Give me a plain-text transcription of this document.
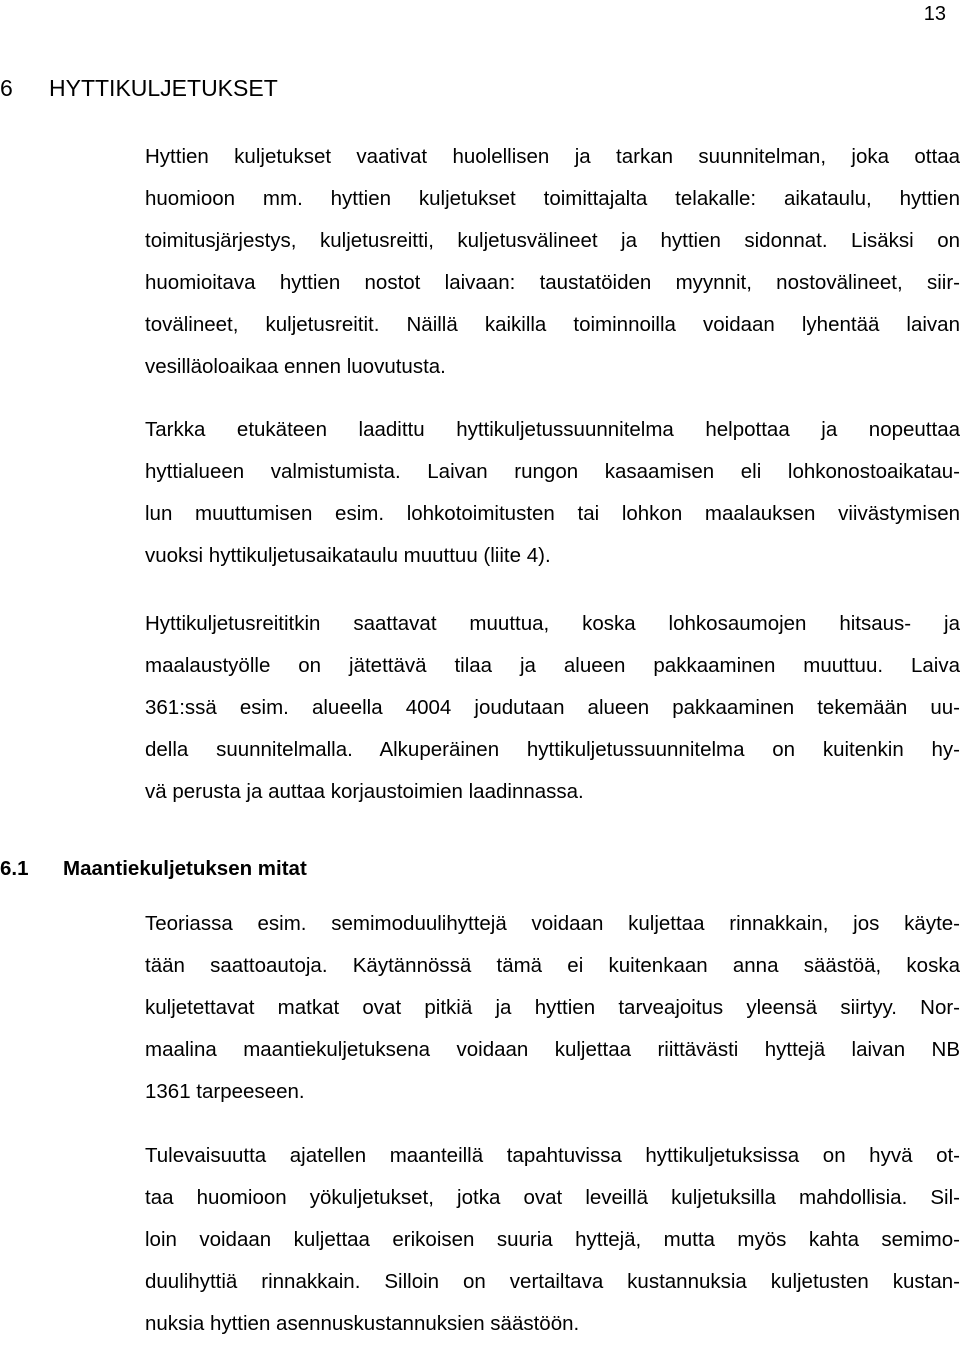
13
6 HYTTIKULJETUKSET
Hyttien kuljetukset vaativat huolellisen ja tarkan suunnitelman, joka ottaa
huomioon mm. hyttien kuljetukset toimittajalta telakalle: aikataulu, hyttien
toimitusjärjestys, kuljetusreitti, kuljetusvälineet ja hyttien sidonnat. Lisäksi on
huomioitava hyttien nostot laivaan: taustatöiden myynnit, nostovälineet, siir-
tovälineet, kuljetusreitit. Näillä kaikilla toiminnoilla voidaan lyhentää laivan
vesilläoloaikaa ennen luovutusta.
Tarkka etukäteen laadittu hyttikuljetussuunnitelma helpottaa ja nopeuttaa
hyttialueen valmistumista. Laivan rungon kasaamisen eli lohkonostoaikatau-
lun muuttumisen esim. lohkotoimitusten tai lohkon maalauksen viivästymisen
vuoksi hyttikuljetusaikataulu muuttuu (liite 4).
Hyttikuljetusreititkin saattavat muuttua, koska lohkosaumojen hitsaus- ja
maalaustyölle on jätettävä tilaa ja alueen pakkaaminen muuttuu. Laiva
361:ssä esim. alueella 4004 joudutaan alueen pakkaaminen tekemään uu-
della suunnitelmalla. Alkuperäinen hyttikuljetussuunnitelma on kuitenkin hy-
vä perusta ja auttaa korjaustoimien laadinnassa.
6.1 Maantiekuljetuksen mitat
Teoriassa esim. semimoduulihyttejä voidaan kuljettaa rinnakkain, jos käyte-
tään saattoautoja. Käytännössä tämä ei kuitenkaan anna säästöä, koska
kuljetettavat matkat ovat pitkiä ja hyttien tarveajoitus yleensä siirtyy. Nor-
maalina maantiekuljetuksena voidaan kuljettaa riittävästi hyttejä laivan NB
1361 tarpeeseen.
Tulevaisuutta ajatellen maanteillä tapahtuvissa hyttikuljetuksissa on hyvä ot-
taa huomioon yökuljetukset, jotka ovat leveillä kuljetuksilla mahdollisia. Sil-
loin voidaan kuljettaa erikoisen suuria hyttejä, mutta myös kahta semimo-
duulihyttiä rinnakkain. Silloin on vertailtava kustannuksia kuljetusten kustan-
nuksia hyttien asennuskustannuksien säästöön.
